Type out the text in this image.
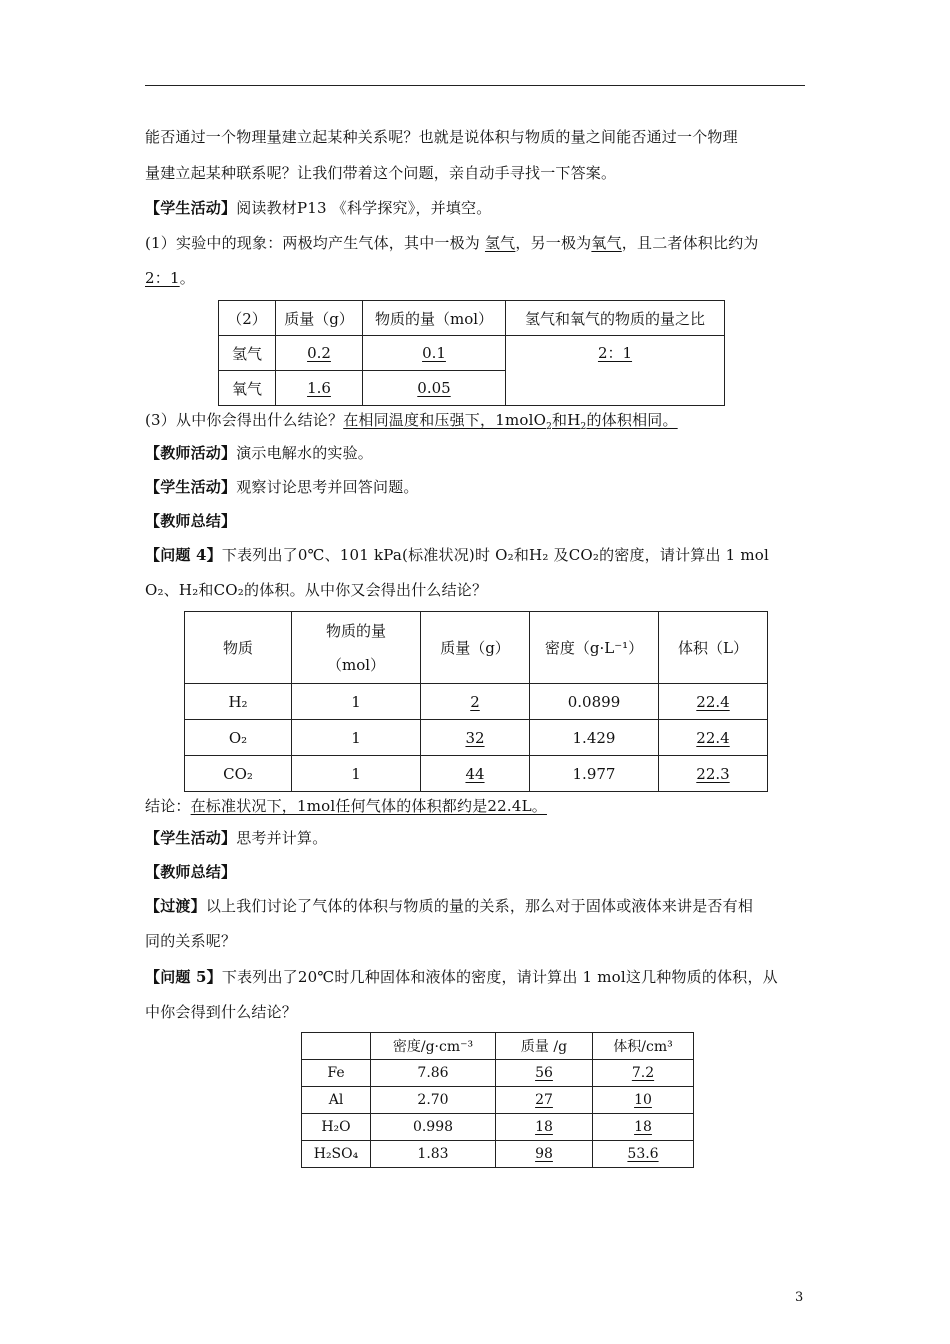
能否通过一个物理量建立起某种关系呢？也就是说体积与物质的量之间能否通过一个物理
量建立起某种联系呢？让我们带着这个问题，亲自动手寻找一下答案。
【学生活动】阅读教材P13 《科学探究》，并填空。
(1）实验中的现象：两极均产生气体，其中一极为 氢气，另一极为氧气，且二者体积比约为
2：1。
（2）	质量（g）	物质的量（mol）	氢气和氧气的物质的量之比
氢气	0.2	0.1	2：1
氧气	1.6	0.05	
(3）从中你会得出什么结论？在相同温度和压强下，1molO$_2$和$H_2$的体积相同。
【教师活动】演示电解水的实验。
【学生活动】观察讨论思考并回答问题。
【教师总结】
【问题 4】下表列出了0℃、101 kPa(标准状况)时 O₂和H₂ 及CO₂的密度，请计算出 1 mol
O₂、H₂和CO₂的体积。从中你又会得出什么结论？
物质	物质的量
（mol）	质量（g）	密度（g·L⁻¹）	体积（L）
H₂	1	2	0.0899	22.4
O₂	1	32	1.429	22.4
CO₂	1	44	1.977	22.3
结论：在标准状况下，1mol任何气体的体积都约是22.4L。
【学生活动】思考并计算。
【教师总结】
【过渡】以上我们讨论了气体的体积与物质的量的关系，那么对于固体或液体来讲是否有相
同的关系呢？
【问题 5】下表列出了20℃时几种固体和液体的密度，请计算出 1 mol这几种物质的体积，从
中你会得到什么结论？
	密度/g·cm⁻³	质量 /g	体积/cm³
Fe	7.86	56	7.2
Al	2.70	27	10
H₂O	0.998	18	18
H₂SO₄	1.83	98	53.6
3
